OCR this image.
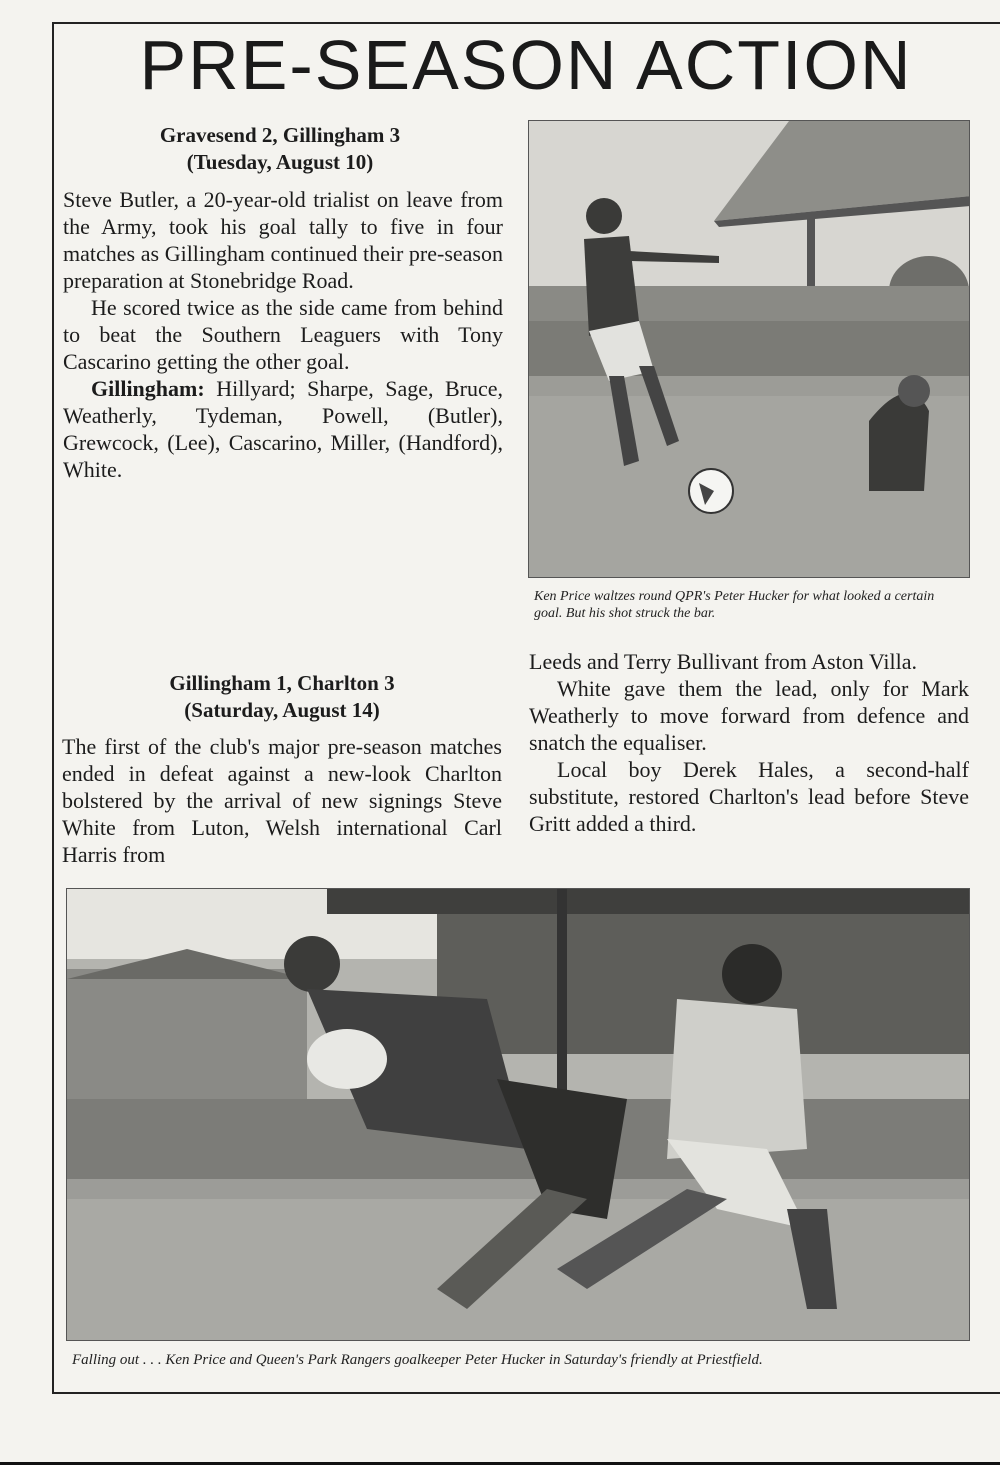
PRE-SEASON ACTION
Gravesend 2, Gillingham 3
(Tuesday, August 10)

Steve Butler, a 20-year-old trialist on leave from the Army, took his goal tally to five in four matches as Gillingham continued their pre-season preparation at Stonebridge Road.

He scored twice as the side came from behind to beat the Southern Leaguers with Tony Cascarino getting the other goal.

Gillingham: Hillyard; Sharpe, Sage, Bruce, Weatherly, Tydeman, Powell, (Butler), Grewcock, (Lee), Cascarino, Miller, (Handford), White.

Ken Price waltzes round QPR's Peter Hucker for what looked a certain goal. But his shot struck the bar.
Gillingham 1, Charlton 3
(Saturday, August 14)

The first of the club's major pre-season matches ended in defeat against a new-look Charlton bolstered by the arrival of new signings Steve White from Luton, Welsh international Carl Harris from

Leeds and Terry Bullivant from Aston Villa.

White gave them the lead, only for Mark Weatherly to move forward from defence and snatch the equaliser.

Local boy Derek Hales, a second-half substitute, restored Charlton's lead before Steve Gritt added a third.

Falling out . . . Ken Price and Queen's Park Rangers goalkeeper Peter Hucker in Saturday's friendly at Priestfield.
